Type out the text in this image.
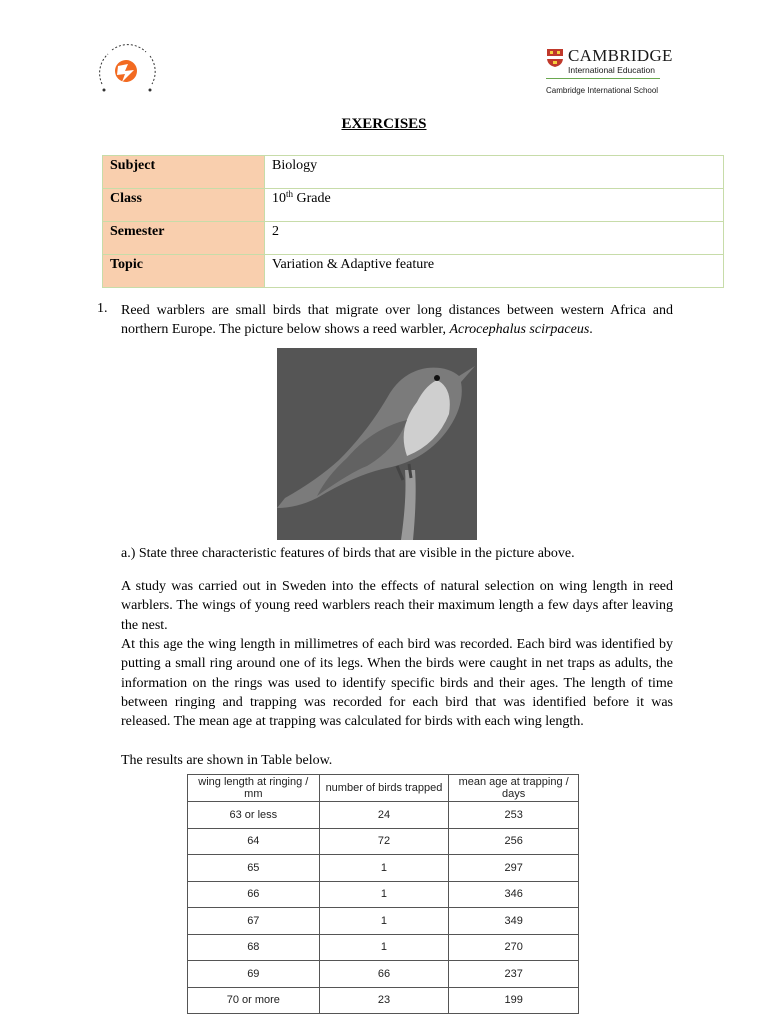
CAMBRIDGE
International Education
Cambridge International School
EXERCISES
Subject	Biology
Class	10th Grade
Semester	2
Topic	Variation & Adaptive feature
1. Reed warblers are small birds that migrate over long distances between western Africa and northern Europe. The picture below shows a reed warbler, Acrocephalus scirpaceus.
a.) State three characteristic features of birds that are visible in the picture above.
A study was carried out in Sweden into the effects of natural selection on wing length in reed warblers. The wings of young reed warblers reach their maximum length a few days after leaving the nest.
At this age the wing length in millimetres of each bird was recorded. Each bird was identified by putting a small ring around one of its legs. When the birds were caught in net traps as adults, the information on the rings was used to identify specific birds and their ages. The length of time between ringing and trapping was recorded for each bird that was identified before it was released. The mean age at trapping was calculated for birds with each wing length.
The results are shown in Table below.
wing length at ringing / mm	number of birds trapped	mean age at trapping / days
63 or less	24	253
64	72	256
65	1	297
66	1	346
67	1	349
68	1	270
69	66	237
70 or more	23	199
